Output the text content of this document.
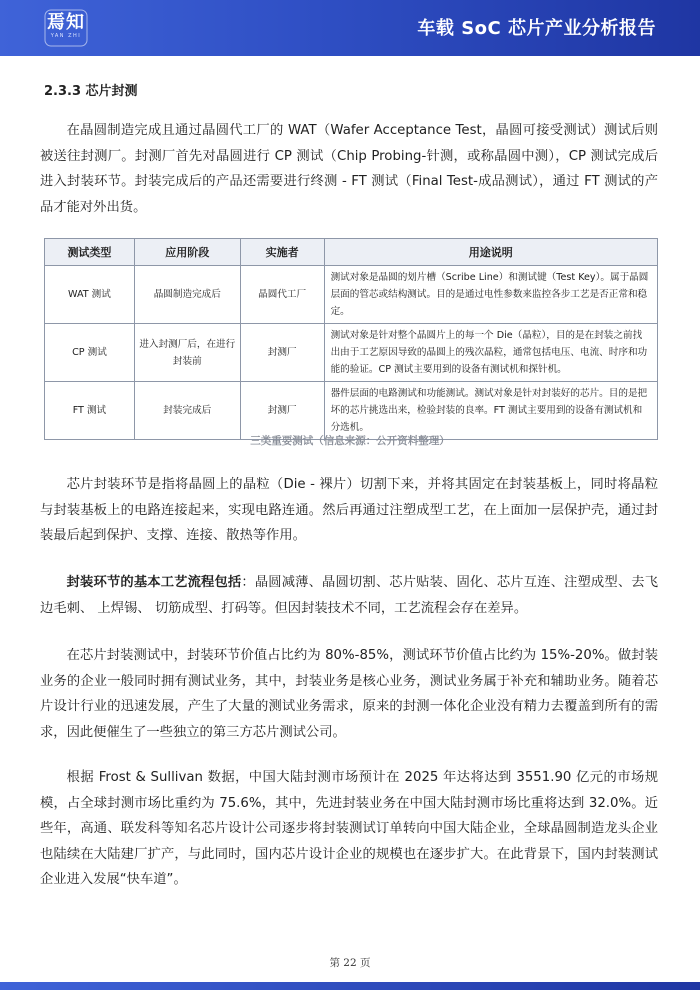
焉知
YAN ZHI	车载 SoC 芯片产业分析报告
2.3.3 芯片封测

在晶圆制造完成且通过晶圆代工厂的 WAT（Wafer Acceptance Test，晶圆可接受测试）测试后则被送往封测厂。封测厂首先对晶圆进行 CP 测试（Chip Probing-针测，或称晶圆中测），CP 测试完成后进入封装环节。封装完成后的产品还需要进行终测 - FT 测试（Final Test-成品测试），通过 FT 测试的产品才能对外出货。

测试类型	应用阶段	实施者	用途说明
WAT 测试	晶圆制造完成后	晶圆代工厂	测试对象是晶圆的划片槽（Scribe Line）和测试键（Test Key）。属于晶圆层面的管芯或结构测试。目的是通过电性参数来监控各步工艺是否正常和稳定。
CP 测试	进入封测厂后，在进行封装前	封测厂	测试对象是针对整个晶圆片上的每一个 Die（晶粒），目的是在封装之前找出由于工艺原因导致的晶圆上的残次晶粒，通常包括电压、电流、时序和功能的验证。CP 测试主要用到的设备有测试机和探针机。
FT 测试	封装完成后	封测厂	器件层面的电路测试和功能测试。测试对象是针对封装好的芯片。目的是把坏的芯片挑选出来，检验封装的良率。FT 测试主要用到的设备有测试机和分选机。
三类重要测试（信息来源：公开资料整理）

芯片封装环节是指将晶圆上的晶粒（Die - 裸片）切割下来，并将其固定在封装基板上，同时将晶粒与封装基板上的电路连接起来，实现电路连通。然后再通过注塑成型工艺，在上面加一层保护壳，通过封装最后起到保护、支撑、连接、散热等作用。

封装环节的基本工艺流程包括：晶圆减薄、晶圆切割、芯片贴装、固化、芯片互连、注塑成型、去飞边毛刺、 上焊锡、 切筋成型、打码等。但因封装技术不同，工艺流程会存在差异。

在芯片封装测试中，封装环节价值占比约为 80%-85%，测试环节价值占比约为 15%-20%。做封装业务的企业一般同时拥有测试业务，其中，封装业务是核心业务，测试业务属于补充和辅助业务。随着芯片设计行业的迅速发展，产生了大量的测试业务需求，原来的封测一体化企业没有精力去覆盖到所有的需求，因此便催生了一些独立的第三方芯片测试公司。

根据 Frost & Sullivan 数据，中国大陆封测市场预计在 2025 年达将达到 3551.90 亿元的市场规模，占全球封测市场比重约为 75.6%，其中，先进封装业务在中国大陆封测市场比重将达到 32.0%。近些年，高通、联发科等知名芯片设计公司逐步将封装测试订单转向中国大陆企业，全球晶圆制造龙头企业也陆续在大陆建厂扩产，与此同时，国内芯片设计企业的规模也在逐步扩大。在此背景下，国内封装测试企业进入发展“快车道”。

第 22 页
